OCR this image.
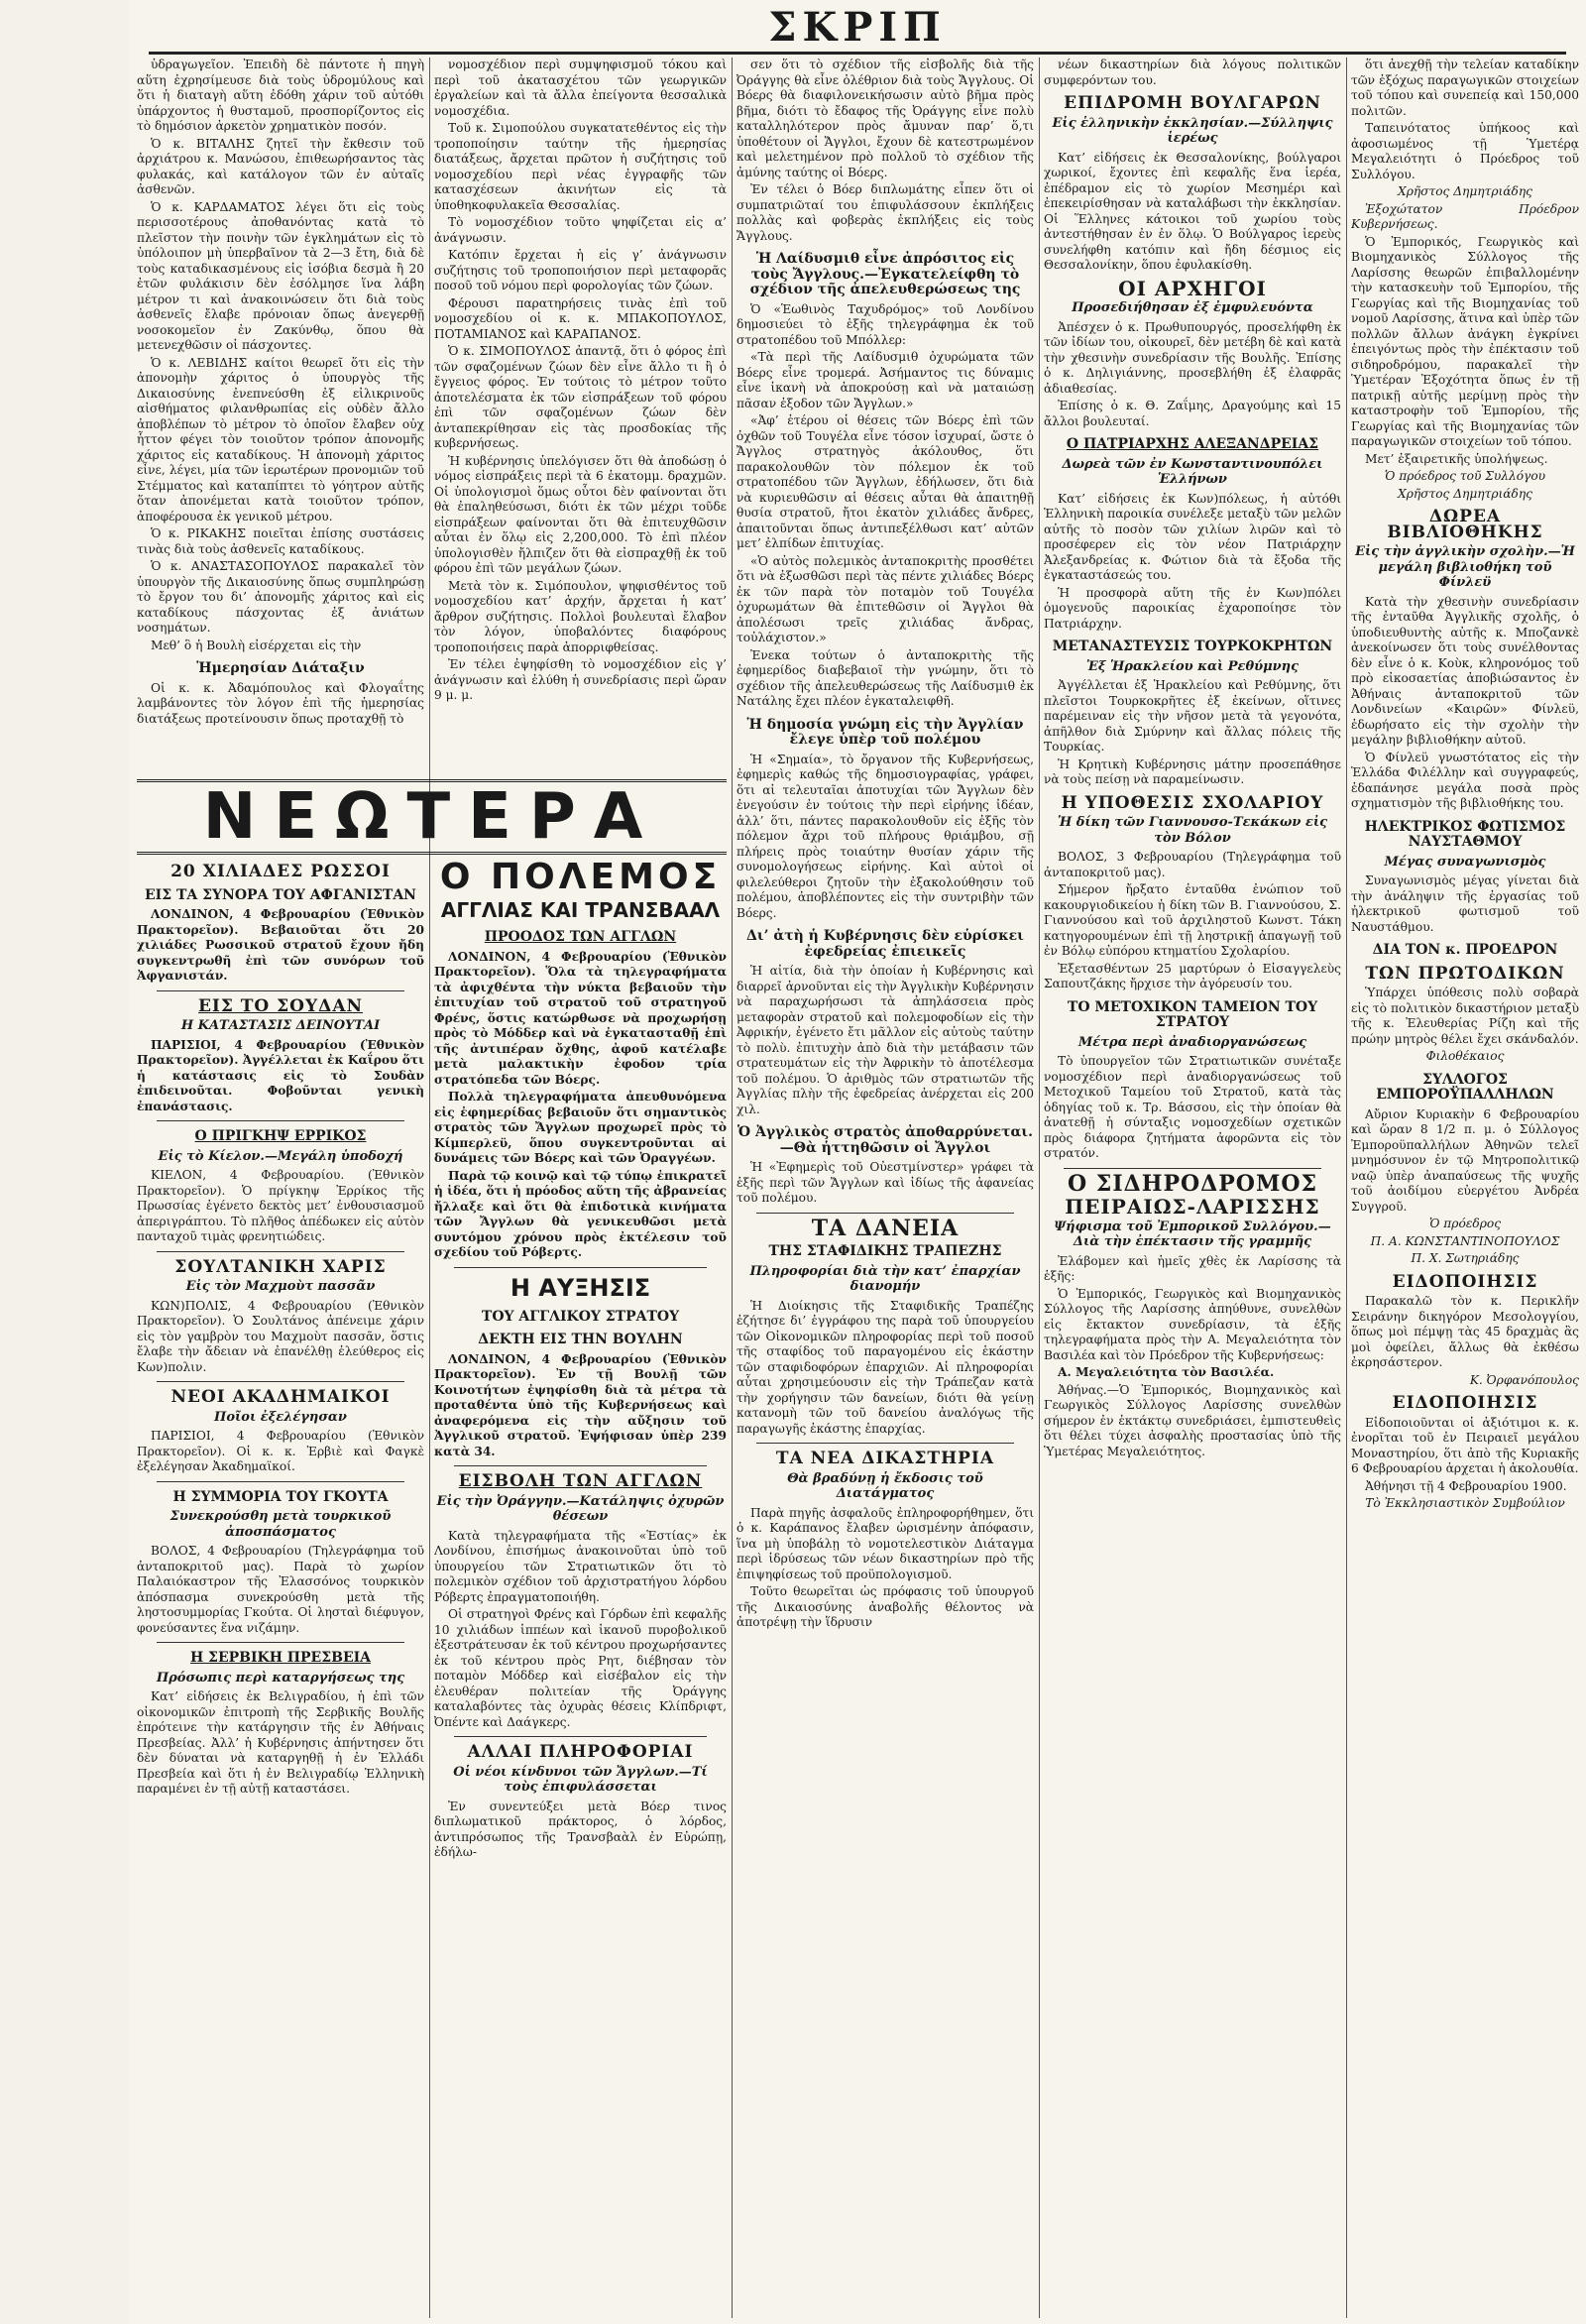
ΣΚΡΙΠ

ὑδραγωγεῖον. Ἐπειδὴ δὲ πάντοτε ἡ πηγὴ αὕτη ἐχρησίμευσε διὰ τοὺς ὑδρομύλους καὶ ὅτι ἡ διαταγὴ αὕτη ἐδόθη χάριν τοῦ αὐτόθι ὑπάρχοντος ἡ θυσταμοῦ, προσπορίζοντος εἰς τὸ δημόσιον ἀρκετὸν χρηματικὸν ποσόν.

Ὁ κ. ΒΙΤΑΛΗΣ ζητεῖ τὴν ἔκθεσιν τοῦ ἀρχιάτρου κ. Μανώσου, ἐπιθεωρήσαντος τὰς φυλακάς, καὶ κατάλογον τῶν ἐν αὐταῖς ἀσθενῶν.

Ὁ κ. ΚΑΡΔΑΜΑΤΟΣ λέγει ὅτι εἰς τοὺς περισσοτέρους ἀποθανόντας κατὰ τὸ πλεῖστον τὴν ποινὴν τῶν ἐγκλημάτων εἰς τὸ ὑπόλοιπον μὴ ὑπερβαῖνον τὰ 2—3 ἔτη, διὰ δὲ τοὺς καταδικασμένους εἰς ἰσόβια δεσμὰ ἢ 20 ἐτῶν φυλάκισιν δὲν ἐσόλμησε ἵνα λάβη μέτρον τι καὶ ἀνακοινώσειν ὅτι διὰ τοὺς ἀσθενεῖς ἔλαβε πρόνοιαν ὅπως ἀνεγερθῇ νοσοκομεῖον ἐν Ζακύνθῳ, ὅπου θὰ μετενεχθῶσιν οἱ πάσχοντες.

Ὁ κ. ΛΕΒΙΔΗΣ καίτοι θεωρεῖ ὅτι εἰς τὴν ἀπονομὴν χάριτος ὁ ὑπουργὸς τῆς Δικαιοσύνης ἐνεπνεύσθη ἐξ εἰλικρινοῦς αἰσθήματος φιλανθρωπίας εἰς οὐδὲν ἄλλο ἀποβλέπων τὸ μέτρον τὸ ὁποῖον ἔλαβεν οὐχ ἧττον φέγει τὸν τοιοῦτον τρόπον ἀπονομῆς χάριτος εἰς καταδίκους. Ἡ ἀπονομὴ χάριτος εἶνε, λέγει, μία τῶν ἱερωτέρων προνομιῶν τοῦ Στέμματος καὶ καταπίπτει τὸ γόητρον αὐτῆς ὅταν ἀπονέμεται κατὰ τοιοῦτον τρόπον, ἀποφέρουσα ἐκ γενικοῦ μέτρου.

Ὁ κ. ΡΙΚΑΚΗΣ ποιεῖται ἐπίσης συστάσεις τινὰς διὰ τοὺς ἀσθενεῖς καταδίκους.

Ὁ κ. ΑΝΑΣΤΑΣΟΠΟΥΛΟΣ παρακαλεῖ τὸν ὑπουργὸν τῆς Δικαιοσύνης ὅπως συμπληρώσῃ τὸ ἔργον του δι’ ἀπονομῆς χάριτος καὶ εἰς καταδίκους πάσχοντας ἐξ ἀνιάτων νοσημάτων.

Μεθ’ ὃ ἡ Βουλὴ εἰσέρχεται εἰς τὴν

Ἡμερησίαν Διάταξιν

Οἱ κ. κ. Ἀδαμόπουλος καὶ Φλογαΐτης λαμβάνοντες τὸν λόγον ἐπὶ τῆς ἡμερησίας διατάξεως προτείνουσιν ὅπως προταχθῇ τὸ

νομοσχέδιον περὶ συμψηφισμοῦ τόκου καὶ περὶ τοῦ ἀκατασχέτου τῶν γεωργικῶν ἐργαλείων καὶ τὰ ἄλλα ἐπείγοντα θεσσαλικὰ νομοσχέδια.

Τοῦ κ. Σιμοπούλου συγκατατεθέντος εἰς τὴν τροποποίησιν ταύτην τῆς ἡμερησίας διατάξεως, ἄρχεται πρῶτον ἡ συζήτησις τοῦ νομοσχεδίου περὶ νέας ἐγγραφῆς τῶν κατασχέσεων ἀκινήτων εἰς τὰ ὑποθηκοφυλακεῖα Θεσσαλίας.

Τὸ νομοσχέδιον τοῦτο ψηφίζεται εἰς α’ ἀνάγνωσιν.

Κατόπιν ἔρχεται ἡ εἰς γ’ ἀνάγνωσιν συζήτησις τοῦ τροποποιήσιον περὶ μεταφορᾶς ποσοῦ τοῦ νόμου περὶ φορολογίας τῶν ζώων.

Φέρουσι παρατηρήσεις τινὰς ἐπὶ τοῦ νομοσχεδίου οἱ κ. κ. ΜΠΑΚΟΠΟΥΛΟΣ, ΠΟΤΑΜΙΑΝΟΣ καὶ ΚΑΡΑΠΑΝΟΣ.

Ὁ κ. ΣΙΜΟΠΟΥΛΟΣ ἀπαντᾷ, ὅτι ὁ φόρος ἐπὶ τῶν σφαζομένων ζώων δὲν εἶνε ἄλλο τι ἢ ὁ ἔγγειος φόρος. Ἐν τούτοις τὸ μέτρον τοῦτο ἀποτελέσματα ἐκ τῶν εἰσπράξεων τοῦ φόρου ἐπὶ τῶν σφαζομένων ζώων δὲν ἀνταπεκρίθησαν εἰς τὰς προσδοκίας τῆς κυβερνήσεως.

Ἡ κυβέρνησις ὑπελόγισεν ὅτι θὰ ἀποδώσῃ ὁ νόμος εἰσπράξεις περὶ τὰ 6 ἑκατομμ. δραχμῶν. Οἱ ὑπολογισμοὶ ὅμως οὗτοι δὲν φαίνονται ὅτι θὰ ἐπαληθεύσωσι, διότι ἐκ τῶν μέχρι τοῦδε εἰσπράξεων φαίνονται ὅτι θὰ ἐπιτευχθῶσιν αὗται ἐν ὅλῳ εἰς 2,200,000. Τὸ ἐπὶ πλέον ὑπολογισθὲν ἤλπιζεν ὅτι θὰ εἰσπραχθῇ ἐκ τοῦ φόρου ἐπὶ τῶν μεγάλων ζώων.

Μετὰ τὸν κ. Σιμόπουλον, ψηφισθέντος τοῦ νομοσχεδίου κατ’ ἀρχήν, ἄρχεται ἡ κατ’ ἄρθρον συζήτησις. Πολλοὶ βουλευταὶ ἔλαβον τὸν λόγον, ὑποβαλόντες διαφόρους τροποποιήσεις παρὰ ἀπορριφθείσας.

Ἐν τέλει ἐψηφίσθη τὸ νομοσχέδιον εἰς γ’ ἀνάγνωσιν καὶ ἐλύθη ἡ συνεδρίασις περὶ ὥραν 9 μ. μ.

ΝΕΩΤΕΡΑ

20 ΧΙΛΙΑΔΕΣ ΡΩΣΣΟΙ

ΕΙΣ ΤΑ ΣΥΝΟΡΑ ΤΟΥ ΑΦΓΑΝΙΣΤΑΝ

ΛΟΝΔΙΝΟΝ, 4 Φεβρουαρίου (Ἐθνικὸν Πρακτορεῖον). Βεβαιοῦται ὅτι 20 χιλιάδες Ρωσσικοῦ στρατοῦ ἔχουν ἤδη συγκεντρωθῆ ἐπὶ τῶν συνόρων τοῦ Ἀφγανιστάν.

ΕΙΣ ΤΟ ΣΟΥΔΑΝ

Η ΚΑΤΑΣΤΑΣΙΣ ΔΕΙΝΟΥΤΑΙ

ΠΑΡΙΣΙΟΙ, 4 Φεβρουαρίου (Ἐθνικὸν Πρακτορεῖον). Ἀγγέλλεται ἐκ Καΐρου ὅτι ἡ κατάστασις εἰς τὸ Σουδὰν ἐπιδεινοῦται. Φοβοῦνται γενικὴ ἐπανάστασις.

Ο ΠΡΙΓΚΗΨ ΕΡΡΙΚΟΣ

Εἰς τὸ Κίελον.—Μεγάλη ὑποδοχή

ΚΙΕΛΟΝ, 4 Φεβρουαρίου. (Ἐθνικὸν Πρακτορεῖον). Ὁ πρίγκηψ Ἐρρίκος τῆς Πρωσσίας ἐγένετο δεκτὸς μετ’ ἐνθουσιασμοῦ ἀπεριγράπτου. Τὸ πλῆθος ἀπέδωκεν εἰς αὐτὸν πανταχοῦ τιμὰς φρενητιώδεις.

ΣΟΥΛΤΑΝΙΚΗ ΧΑΡΙΣ

Εἰς τὸν Μαχμοὺτ πασσᾶν

ΚΩΝ)ΠΟΛΙΣ, 4 Φεβρουαρίου (Ἐθνικὸν Πρακτορεῖον). Ὁ Σουλτάνος ἀπένειμε χάριν εἰς τὸν γαμβρὸν του Μαχμοὺτ πασσᾶν, ὅστις ἔλαβε τὴν ἄδειαν νὰ ἐπανέλθῃ ἐλεύθερος εἰς Κων)πολιν.

ΝΕΟΙ ΑΚΑΔΗΜΑΙΚΟΙ

Ποῖοι ἐξελέγησαν

ΠΑΡΙΣΙΟΙ, 4 Φεβρουαρίου (Ἐθνικὸν Πρακτορεῖον). Οἱ κ. κ. Ἐρβιὲ καὶ Φαγκὲ ἐξελέγησαν Ἀκαδημαϊκοί.

Η ΣΥΜΜΟΡΙΑ ΤΟΥ ΓΚΟΥΤΑ

Συνεκρούσθη μετὰ τουρκικοῦ ἀποσπάσματος

ΒΟΛΟΣ, 4 Φεβρουαρίου (Τηλεγράφημα τοῦ ἀνταποκριτοῦ μας). Παρὰ τὸ χωρίον Παλαιόκαστρον τῆς Ἐλασσόνος τουρκικὸν ἀπόσπασμα συνεκρούσθη μετὰ τῆς ληστοσυμμορίας Γκούτα. Οἱ λησταὶ διέφυγον, φονεύσαντες ἕνα νιζάμην.

Η ΣΕΡΒΙΚΗ ΠΡΕΣΒΕΙΑ

Πρόσωπις περὶ καταργήσεως της

Κατ’ εἰδήσεις ἐκ Βελιγραδίου, ἡ ἐπὶ τῶν οἰκονομικῶν ἐπιτροπὴ τῆς Σερβικῆς Βουλῆς ἐπρότεινε τὴν κατάργησιν τῆς ἐν Ἀθήναις Πρεσβείας. Ἀλλ’ ἡ Κυβέρνησις ἀπήντησεν ὅτι δὲν δύναται νὰ καταργηθῇ ἡ ἐν Ἑλλάδι Πρεσβεία καὶ ὅτι ἡ ἐν Βελιγραδίῳ Ἑλληνικὴ παραμένει ἐν τῇ αὐτῇ καταστάσει.

Ο ΠΟΛΕΜΟΣ
ΑΓΓΛΙΑΣ ΚΑΙ ΤΡΑΝΣΒΑΑΛ

ΠΡΟΟΔΟΣ ΤΩΝ ΑΓΓΛΩΝ

ΛΟΝΔΙΝΟΝ, 4 Φεβρουαρίου (Ἐθνικὸν Πρακτορεῖον). Ὅλα τὰ τηλεγραφήματα τὰ ἀφιχθέντα τὴν νύκτα βεβαιοῦν τὴν ἐπιτυχίαν τοῦ στρατοῦ τοῦ στρατηγοῦ Φρένς, ὅστις κατώρθωσε νὰ προχωρήσῃ πρὸς τὸ Μόδδερ καὶ νὰ ἐγκατασταθῇ ἐπὶ τῆς ἀντιπέραν ὄχθης, ἀφοῦ κατέλαβε μετὰ μαλακτικὴν ἐφοδον τρία στρατόπεδα τῶν Βόερς.

Πολλὰ τηλεγραφήματα ἀπευθυνόμενα εἰς ἐφημερίδας βεβαιοῦν ὅτι σημαντικὸς στρατὸς τῶν Ἄγγλων προχωρεῖ πρὸς τὸ Κίμπερλεϋ, ὅπου συγκεντροῦνται αἱ δυνάμεις τῶν Βόερς καὶ τῶν Ὀραγγέων.

Παρὰ τῷ κοινῷ καὶ τῷ τύπῳ ἐπικρατεῖ ἡ ἰδέα, ὅτι ἡ πρόοδος αὕτη τῆς ἀβρανείας ἤλλαξε καὶ ὅτι θὰ ἐπιδοτικὰ κινήματα τῶν Ἄγγλων θὰ γενικευθῶσι μετὰ συντόμου χρόνου πρὸς ἐκτέλεσιν τοῦ σχεδίου τοῦ Ρόβερτς.

Η ΑΥΞΗΣΙΣ

ΤΟΥ ΑΓΓΛΙΚΟΥ ΣΤΡΑΤΟΥ

ΔΕΚΤΗ ΕΙΣ ΤΗΝ ΒΟΥΛΗΝ

ΛΟΝΔΙΝΟΝ, 4 Φεβρουαρίου (Ἐθνικὸν Πρακτορεῖον). Ἐν τῇ Βουλῇ τῶν Κοινοτήτων ἐψηφίσθη διὰ τὰ μέτρα τὰ προταθέντα ὑπὸ τῆς Κυβερνήσεως καὶ ἀναφερόμενα εἰς τὴν αὔξησιν τοῦ Ἀγγλικοῦ στρατοῦ. Ἐψήφισαν ὑπὲρ 239 κατὰ 34.

ΕΙΣΒΟΛΗ ΤΩΝ ΑΓΓΛΩΝ

Εἰς τὴν Ὀράγγην.—Κατάληψις ὀχυρῶν θέσεων

Κατὰ τηλεγραφήματα τῆς «Ἑστίας» ἐκ Λονδίνου, ἐπισήμως ἀνακοινοῦται ὑπὸ τοῦ ὑπουργείου τῶν Στρατιωτικῶν ὅτι τὸ πολεμικὸν σχέδιον τοῦ ἀρχιστρατήγου λόρδου Ρόβερτς ἐπραγματοποιήθη.

Οἱ στρατηγοὶ Φρένς καὶ Γόρδων ἐπὶ κεφαλῆς 10 χιλιάδων ἱππέων καὶ ἱκανοῦ πυροβολικοῦ ἐξεστράτευσαν ἐκ τοῦ κέντρου προχωρήσαντες ἐκ τοῦ κέντρου πρὸς Ρητ, διέβησαν τὸν ποταμὸν Μόδδερ καὶ εἰσέβαλον εἰς τὴν ἐλευθέραν πολιτείαν τῆς Ὀράγγης καταλαβόντες τὰς ὀχυρὰς θέσεις Κλίπδριφτ, Ὀπέντε καὶ Δαάγκερς.

ΑΛΛΑΙ ΠΛΗΡΟΦΟΡΙΑΙ

Οἱ νέοι κίνδυνοι τῶν Ἄγγλων.—Τί τοὺς ἐπιφυλάσσεται

Ἐν συνεντεύξει μετὰ Βόερ τινος διπλωματικοῦ πράκτορος, ὁ λόρδος, ἀντιπρόσωπος τῆς Τρανσβαὰλ ἐν Εὐρώπῃ, ἐδήλω-

σεν ὅτι τὸ σχέδιον τῆς εἰσβολῆς διὰ τῆς Ὀράγγης θὰ εἶνε ὀλέθριον διὰ τοὺς Ἄγγλους. Οἱ Βόερς θὰ διαφιλονεικήσωσιν αὐτὸ βῆμα πρὸς βῆμα, διότι τὸ ἔδαφος τῆς Ὀράγγης εἶνε πολὺ καταλληλότερον πρὸς ἄμυναν παρ’ ὅ,τι ὑποθέτουν οἱ Ἄγγλοι, ἔχουν δὲ κατεστρωμένον καὶ μελετημένον πρὸ πολλοῦ τὸ σχέδιον τῆς ἀμύνης ταύτης οἱ Βόερς.

Ἐν τέλει ὁ Βόερ διπλωμάτης εἶπεν ὅτι οἱ συμπατριῶταί του ἐπιφυλάσσουν ἐκπλήξεις πολλὰς καὶ φοβερὰς ἐκπλήξεις εἰς τοὺς Ἄγγλους.

Ἡ Λαίδυσμιθ εἶνε ἀπρόσιτος εἰς τοὺς Ἄγγλους.—Ἐγκατελείφθη τὸ σχέδιον τῆς ἀπελευθερώσεως της

Ὁ «Ἑωθινὸς Ταχυδρόμος» τοῦ Λονδίνου δημοσιεύει τὸ ἑξῆς τηλεγράφημα ἐκ τοῦ στρατοπέδου τοῦ Μπόλλερ:

«Τὰ περὶ τῆς Λαίδυσμιθ ὀχυρώματα τῶν Βόερς εἶνε τρομερά. Ἀσήμαντος τις δύναμις εἶνε ἱκανὴ νὰ ἀποκρούσῃ καὶ νὰ ματαιώσῃ πᾶσαν ἐξοδον τῶν Ἄγγλων.»

«Ἀφ’ ἑτέρου οἱ θέσεις τῶν Βόερς ἐπὶ τῶν ὀχθῶν τοῦ Τουγέλα εἶνε τόσον ἰσχυραί, ὥστε ὁ Ἄγγλος στρατηγὸς ἀκόλουθος, ὅτι παρακολουθῶν τὸν πόλεμον ἐκ τοῦ στρατοπέδου τῶν Ἄγγλων, ἐδήλωσεν, ὅτι διὰ νὰ κυριευθῶσιν αἱ θέσεις αὗται θὰ ἀπαιτηθῇ θυσία στρατοῦ, ἤτοι ἐκατὸν χιλιάδες ἄνδρες, ἀπαιτοῦνται ὅπως ἀντιπεξέλθωσι κατ’ αὐτῶν μετ’ ἐλπίδων ἐπιτυχίας.

«Ὁ αὐτὸς πολεμικὸς ἀνταποκριτὴς προσθέτει ὅτι νὰ ἐξωσθῶσι περὶ τὰς πέντε χιλιάδες Βόερς ἐκ τῶν παρὰ τὸν ποταμὸν τοῦ Τουγέλα ὀχυρωμάτων θὰ ἐπιτεθῶσιν οἱ Ἄγγλοι θὰ ἀπολέσωσι τρεῖς χιλιάδας ἄνδρας, τοὐλάχιστον.»

Ἐνεκα τούτων ὁ ἀνταποκριτὴς τῆς ἐφημερίδος διαβεβαιοῖ τὴν γνώμην, ὅτι τὸ σχέδιον τῆς ἀπελευθερώσεως τῆς Λαίδυσμιθ ἐκ Νατάλης ἔχει πλέον ἐγκαταλειφθῆ.

Ἡ δημοσία γνώμη εἰς τὴν Ἀγγλίαν ἔλεγε ὑπὲρ τοῦ πολέμου

Ἡ «Σημαία», τὸ ὄργανον τῆς Κυβερνήσεως, ἐφημερὶς καθώς τῆς δημοσιογραφίας, γράφει, ὅτι αἱ τελευταῖαι ἀποτυχίαι τῶν Ἄγγλων δὲν ἐνεγούσιν ἐν τούτοις τὴν περὶ εἰρήνης ἰδέαν, ἀλλ’ ὅτι, πάντες παρακολουθοῦν εἰς ἐξῆς τὸν πόλεμον ἄχρι τοῦ πλήρους θριάμβου, σῇ πλήρεις πρὸς τοιαύτην θυσίαν χάριν τῆς συνομολογήσεως εἰρήνης. Καὶ αὐτοὶ οἱ φιλελεύθεροι ζητοῦν τὴν ἐξακολούθησιν τοῦ πολέμου, ἀποβλέποντες εἰς τὴν συντριβὴν τῶν Βόερς.

Δι’ ἀτὴ ἡ Κυβέρνησις δὲν εὑρίσκει ἐφεδρείας ἐπιεικεῖς

Ἡ αἰτία, διὰ τὴν ὁποίαν ἡ Κυβέρνησις καὶ διαρρεῖ ἀρνοῦνται εἰς τὴν Ἀγγλικὴν Κυβέρνησιν νὰ παραχωρήσωσι τὰ ἀπηλάσσεια πρὸς μεταφορὰν στρατοῦ καὶ πολεμοφοδίων εἰς τὴν Ἀφρικήν, ἐγένετο ἔτι μᾶλλον εἰς αὐτοὺς ταύτην τὸ πολὺ. ἐπιτυχὴν ἀπὸ διὰ τὴν μετάβασιν τῶν στρατευμάτων εἰς τὴν Ἀφρικὴν τὸ ἀποτέλεσμα τοῦ πολέμου. Ὁ ἀριθμὸς τῶν στρατιωτῶν τῆς Ἀγγλίας πλὴν τῆς ἐφεδρείας ἀνέρχεται εἰς 200 χιλ.

Ὁ Ἀγγλικὸς στρατὸς ἀποθαρρύνεται.—Θὰ ἡττηθῶσιν οἱ Ἄγγλοι

Ἡ «Ἐφημερὶς τοῦ Οὐεστμίνστερ» γράφει τὰ ἑξῆς περὶ τῶν Ἄγγλων καὶ ἰδίως τῆς ἀφανείας τοῦ πολέμου.

ΤΑ ΔΑΝΕΙΑ

ΤΗΣ ΣΤΑΦΙΔΙΚΗΣ ΤΡΑΠΕΖΗΣ

Πληροφορίαι διὰ τὴν κατ’ ἐπαρχίαν διανομήν

Ἡ Διοίκησις τῆς Σταφιδικῆς Τραπέζης ἐζήτησε δι’ ἐγγράφου της παρὰ τοῦ ὑπουργείου τῶν Οἰκονομικῶν πληροφορίας περὶ τοῦ ποσοῦ τῆς σταφίδος τοῦ παραγομένου εἰς ἑκάστην τῶν σταφιδοφόρων ἐπαρχιῶν. Αἱ πληροφορίαι αὗται χρησιμεύουσιν εἰς τὴν Τράπεζαν κατὰ τὴν χορήγησιν τῶν δανείων, διότι θὰ γείνῃ κατανομὴ τῶν τοῦ δανείου ἀναλόγως τῆς παραγωγῆς ἑκάστης ἐπαρχίας.

ΤΑ ΝΕΑ ΔΙΚΑΣΤΗΡΙΑ

Θὰ βραδύνῃ ἡ ἔκδοσις τοῦ Διατάγματος

Παρὰ πηγῆς ἀσφαλοῦς ἐπληροφορήθημεν, ὅτι ὁ κ. Καράπανος ἔλαβεν ὡρισμένην ἀπόφασιν, ἵνα μὴ ὑποβάλῃ τὸ νομοτελεστικὸν Διάταγμα περὶ ἱδρύσεως τῶν νέων δικαστηρίων πρὸ τῆς ἐπιψηφίσεως τοῦ προϋπολογισμοῦ.

Τοῦτο θεωρεῖται ὡς πρόφασις τοῦ ὑπουργοῦ τῆς Δικαιοσύνης ἀναβολῆς θέλοντος νὰ ἀποτρέψῃ τὴν ἵδρυσιν

νέων δικαστηρίων διὰ λόγους πολιτικῶν συμφερόντων του.

ΕΠΙΔΡΟΜΗ ΒΟΥΛΓΑΡΩΝ

Εἰς ἑλληνικὴν ἐκκλησίαν.—Σύλληψις ἱερέως

Κατ’ εἰδήσεις ἐκ Θεσσαλονίκης, βούλγαροι χωρικοί, ἔχοντες ἐπὶ κεφαλῆς ἕνα ἱερέα, ἐπέδραμον εἰς τὸ χωρίον Μεσημέρι καὶ ἐπεκειρίσθησαν νὰ καταλάβωσι τὴν ἐκκλησίαν. Οἱ Ἕλληνες κάτοικοι τοῦ χωρίου τοὺς ἀντεστήθησαν ἐν ἐν ὅλῳ. Ὁ Βούλγαρος ἱερεὺς συνελήφθη κατόπιν καὶ ἤδη δέσμιος εἰς Θεσσαλονίκην, ὅπου ἐφυλακίσθη.

ΟΙ ΑΡΧΗΓΟΙ

Προσεδιήθησαν ἐξ ἐμφυλευόντα

Ἀπέσχεν ὁ κ. Πρωθυπουργός, προσελήφθη ἐκ τῶν ἰδίων του, οἰκουρεῖ, δὲν μετέβη δὲ καὶ κατὰ τὴν χθεσινὴν συνεδρίασιν τῆς Βουλῆς. Ἐπίσης ὁ κ. Δηλιγιάννης, προσεβλήθη ἐξ ἐλαφρᾶς ἀδιαθεσίας.

Ἐπίσης ὁ κ. Θ. Ζαΐμης, Δραγούμης καὶ 15 ἄλλοι βουλευταί.

Ο ΠΑΤΡΙΑΡΧΗΣ ΑΛΕΞΑΝΔΡΕΙΑΣ

Δωρεὰ τῶν ἐν Κωνσταντινουπόλει Ἑλλήνων

Κατ’ εἰδήσεις ἐκ Κων)πόλεως, ἡ αὐτόθι Ἑλληνικὴ παροικία συνέλεξε μεταξὺ τῶν μελῶν αὐτῆς τὸ ποσὸν τῶν χιλίων λιρῶν καὶ τὸ προσέφερεν εἰς τὸν νέον Πατριάρχην Ἀλεξανδρείας κ. Φώτιον διὰ τὰ ἔξοδα τῆς ἐγκαταστάσεώς του.

Ἡ προσφορὰ αὕτη τῆς ἐν Κων)πόλει ὁμογενοῦς παροικίας ἐχαροποίησε τὸν Πατριάρχην.

ΜΕΤΑΝΑΣΤΕΥΣΙΣ ΤΟΥΡΚΟΚΡΗΤΩΝ

Ἐξ Ἡρακλείου καὶ Ρεθύμνης

Ἀγγέλλεται ἐξ Ἡρακλείου καὶ Ρεθύμνης, ὅτι πλεῖστοι Τουρκοκρῆτες ἐξ ἐκείνων, οἵτινες παρέμειναν εἰς τὴν νῆσον μετὰ τὰ γεγονότα, ἀπῆλθον διὰ Σμύρνην καὶ ἄλλας πόλεις τῆς Τουρκίας.

Ἡ Κρητικὴ Κυβέρνησις μάτην προσεπάθησε νὰ τοὺς πείσῃ νὰ παραμείνωσιν.

Η ΥΠΟΘΕΣΙΣ ΣΧΟΛΑΡΙΟΥ

Ἡ δίκη τῶν Γιαννουσο-Τεκάκων εἰς τὸν Βόλον

ΒΟΛΟΣ, 3 Φεβρουαρίου (Τηλεγράφημα τοῦ ἀνταποκριτοῦ μας).

Σήμερον ἤρξατο ἐνταῦθα ἐνώπιον τοῦ κακουργιοδικείου ἡ δίκη τῶν Β. Γιαννούσου, Σ. Γιαννούσου καὶ τοῦ ἀρχιληστοῦ Κωνστ. Τάκη κατηγορουμένων ἐπὶ τῇ ληστρικῇ ἀπαγωγῇ τοῦ ἐν Βόλῳ εὐπόρου κτηματίου Σχολαρίου.

Ἐξετασθέντων 25 μαρτύρων ὁ Εἰσαγγελεὺς Σαπουτζάκης ἤρχισε τὴν ἀγόρευσίν του.

ΤΟ ΜΕΤΟΧΙΚΟΝ ΤΑΜΕΙΟΝ ΤΟΥ ΣΤΡΑΤΟΥ

Μέτρα περὶ ἀναδιοργανώσεως

Τὸ ὑπουργεῖον τῶν Στρατιωτικῶν συνέταξε νομοσχέδιον περὶ ἀναδιοργανώσεως τοῦ Μετοχικοῦ Ταμείου τοῦ Στρατοῦ, κατὰ τὰς ὁδηγίας τοῦ κ. Τρ. Βάσσου, εἰς τὴν ὁποίαν θὰ ἀνατεθῇ ἡ σύνταξις νομοσχεδίων σχετικῶν πρὸς διάφορα ζητήματα ἀφορῶντα εἰς τὸν στρατόν.

Ο ΣΙΔΗΡΟΔΡΟΜΟΣ

ΠΕΙΡΑΙΩΣ-ΛΑΡΙΣΣΗΣ

Ψήφισμα τοῦ Ἐμπορικοῦ Συλλόγου.—Διὰ τὴν ἐπέκτασιν τῆς γραμμῆς

Ἐλάβομεν καὶ ἡμεῖς χθὲς ἐκ Λαρίσσης τὰ ἑξῆς:

Ὁ Ἐμπορικός, Γεωργικὸς καὶ Βιομηχανικὸς Σύλλογος τῆς Λαρίσσης ἀπηύθυνε, συνελθὼν εἰς ἔκτακτον συνεδρίασιν, τὰ ἑξῆς τηλεγραφήματα πρὸς τὴν Α. Μεγαλειότητα τὸν Βασιλέα καὶ τὸν Πρόεδρον τῆς Κυβερνήσεως:

Α. Μεγαλειότητα τὸν Βασιλέα.

Ἀθήνας.—Ὁ Ἐμπορικός, Βιομηχανικὸς καὶ Γεωργικὸς Σύλλογος Λαρίσσης συνελθὼν σήμερον ἐν ἐκτάκτῳ συνεδριάσει, ἐμπιστευθεὶς ὅτι θέλει τύχει ἀσφαλὴς προστασίας ὑπὸ τῆς Ὑμετέρας Μεγαλειότητος.

ὅτι ἀνεχθῇ τὴν τελείαν καταδίκην τῶν ἐξόχως παραγωγικῶν στοιχείων τοῦ τόπου καὶ συνεπείᾳ καὶ 150,000 πολιτῶν.

Ταπεινότατος ὑπήκοος καὶ ἀφοσιωμένος τῇ Ὑμετέρᾳ Μεγαλειότητι ὁ Πρόεδρος τοῦ Συλλόγου.

Χρῆστος Δημητριάδης

Ἐξοχώτατον Πρόεδρον Κυβερνήσεως.

Ὁ Ἐμπορικός, Γεωργικὸς καὶ Βιομηχανικὸς Σύλλογος τῆς Λαρίσσης θεωρῶν ἐπιβαλλομένην τὴν κατασκευὴν τοῦ Ἐμπορίου, τῆς Γεωργίας καὶ τῆς Βιομηχανίας τοῦ νομοῦ Λαρίσσης, ἅτινα καὶ ὑπὲρ τῶν πολλῶν ἄλλων ἀνάγκη ἐγκρίνει ἐπειγόντως πρὸς τὴν ἐπέκτασιν τοῦ σιδηροδρόμου, παρακαλεῖ τὴν Ὑμετέραν Ἐξοχότητα ὅπως ἐν τῇ πατρικῇ αὐτῆς μερίμνῃ πρὸς τὴν καταστροφὴν τοῦ Ἐμπορίου, τῆς Γεωργίας καὶ τῆς Βιομηχανίας τῶν παραγωγικῶν στοιχείων τοῦ τόπου.

Μετ’ ἐξαιρετικῆς ὑπολήψεως.

Ὁ πρόεδρος τοῦ Συλλόγου

Χρῆστος Δημητριάδης

ΔΩΡΕΑ ΒΙΒΛΙΟΘΗΚΗΣ

Εἰς τὴν ἀγγλικὴν σχολὴν.—Ἡ μεγάλη βιβλιοθήκη τοῦ Φίνλεϋ

Κατὰ τὴν χθεσινὴν συνεδρίασιν τῆς ἐνταῦθα Ἀγγλικῆς σχολῆς, ὁ ὑποδιευθυντὴς αὐτῆς κ. Μποζανκὲ ἀνεκοίνωσεν ὅτι τοὺς συνέλθοντας δὲν εἶνε ὁ κ. Κοὺκ, κληρονόμος τοῦ πρὸ εἰκοσαετίας ἀποβιώσαντος ἐν Ἀθήναις ἀνταποκριτοῦ τῶν Λονδινείων «Καιρῶν» Φίνλεϋ, ἐδωρήσατο εἰς τὴν σχολὴν τὴν μεγάλην βιβλιοθήκην αὐτοῦ.

Ὁ Φίνλεϋ γνωστότατος εἰς τὴν Ἑλλάδα Φιλέλλην καὶ συγγραφεύς, ἐδαπάνησε μεγάλα ποσὰ πρὸς σχηματισμὸν τῆς βιβλιοθήκης του.

ΗΛΕΚΤΡΙΚΟΣ ΦΩΤΙΣΜΟΣ ΝΑΥΣΤΑΘΜΟΥ

Μέγας συναγωνισμὸς

Συναγωνισμὸς μέγας γίνεται διὰ τὴν ἀνάληψιν τῆς ἐργασίας τοῦ ἠλεκτρικοῦ φωτισμοῦ τοῦ Ναυστάθμου.

ΔΙΑ ΤΟΝ κ. ΠΡΟΕΔΡΟΝ

ΤΩΝ ΠΡΩΤΟΔΙΚΩΝ

Ὑπάρχει ὑπόθεσις πολὺ σοβαρὰ εἰς τὸ πολιτικὸν δικαστήριον μεταξὺ τῆς κ. Ἐλευθερίας Ρίζη καὶ τῆς πρώην μητρὸς θέλει ἔχει σκάνδαλόν.

Φιλοθέκαιος

ΣΥΛΛΟΓΟΣ ΕΜΠΟΡΟΫΠΑΛΛΗΛΩΝ

Αὔριον Κυριακὴν 6 Φεβρουαρίου καὶ ὥραν 8 1/2 π. μ. ὁ Σύλλογος Ἐμποροϋπαλλήλων Ἀθηνῶν τελεῖ μνημόσυνον ἐν τῷ Μητροπολιτικῷ ναῷ ὑπὲρ ἀναπαύσεως τῆς ψυχῆς τοῦ ἀοιδίμου εὐεργέτου Ἀνδρέα Συγγροῦ.

Ὁ πρόεδρος

Π. Α. ΚΩΝΣΤΑΝΤΙΝΟΠΟΥΛΟΣ

Π. Χ. Σωτηριάδης

ΕΙΔΟΠΟΙΗΣΙΣ

Παρακαλῶ τὸν κ. Περικλῆν Σειράνην δικηγόρον Μεσολογγίου, ὅπως μοὶ πέμψῃ τὰς 45 δραχμὰς ἃς μοὶ ὀφείλει, ἄλλως θὰ ἐκθέσω ἐκρησάστερον.

Κ. Ὀρφανόπουλος

ΕΙΔΟΠΟΙΗΣΙΣ

Εἰδοποιοῦνται οἱ ἀξιότιμοι κ. κ. ἐνορῖται τοῦ ἐν Πειραιεῖ μεγάλου Μοναστηρίου, ὅτι ἀπὸ τῆς Κυριακῆς 6 Φεβρουαρίου ἀρχεται ἡ ἀκολουθία.

Ἀθήνησι τῇ 4 Φεβρουαρίου 1900.

Τὸ Ἐκκλησιαστικὸν Συμβούλιον
